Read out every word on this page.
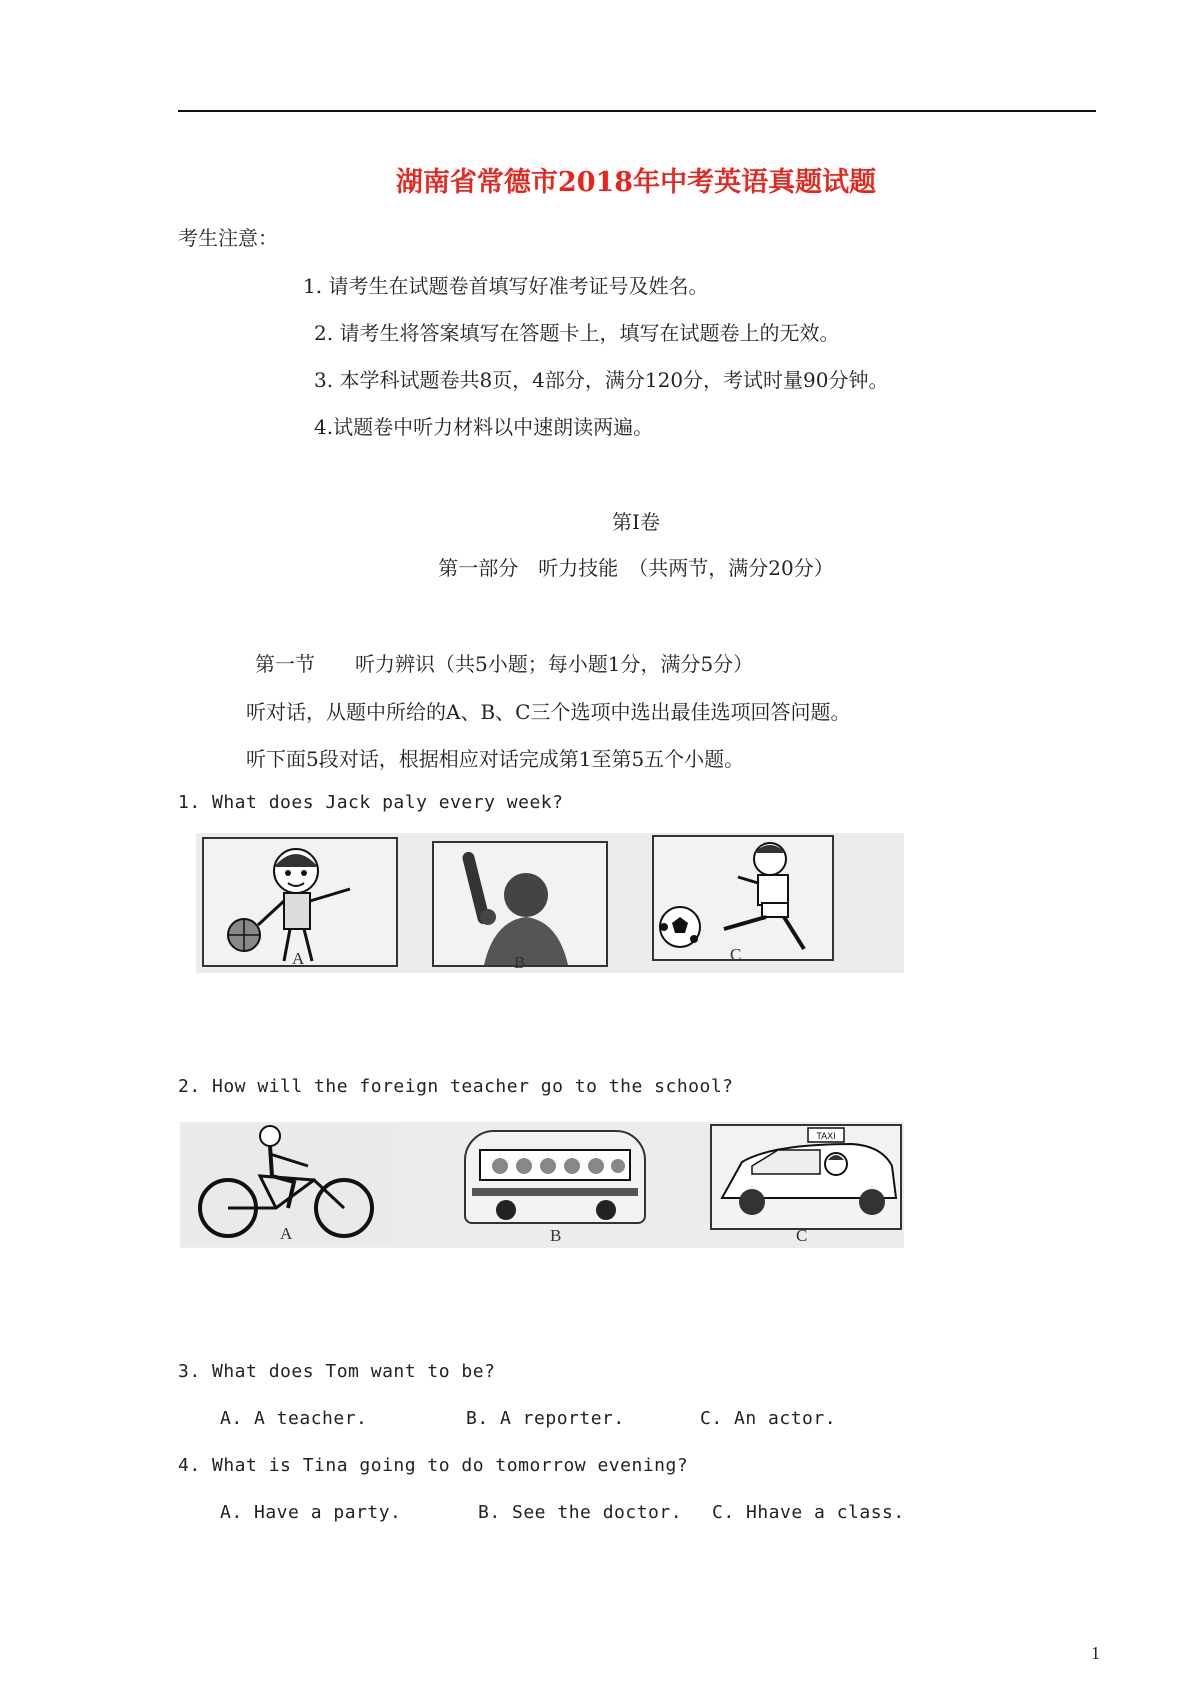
湖南省常德市2018年中考英语真题试题
考生注意：
1. 请考生在试题卷首填写好准考证号及姓名。
2. 请考生将答案填写在答题卡上，填写在试题卷上的无效。
3. 本学科试题卷共8页，4部分，满分120分，考试时量90分钟。
4.试题卷中听力材料以中速朗读两遍。
第Ⅰ卷
第一部分　听力技能　（共两节，满分20分）
第一节　　听力辨识（共5小题；每小题1分，满分5分）
听对话，从题中所给的A、B、C三个选项中选出最佳选项回答问题。
听下面5段对话，根据相应对话完成第1至第5五个小题。
1. What does Jack paly every week?
A	B	C
2. How will the foreign teacher go to the school?
A	B
TAXI
C
3. What does Tom want to be?
A. A teacher.	B. A reporter.	C. An actor.
4. What is Tina going to do tomorrow evening?
A. Have a party.	B. See the doctor. C. Hhave a class.
1
